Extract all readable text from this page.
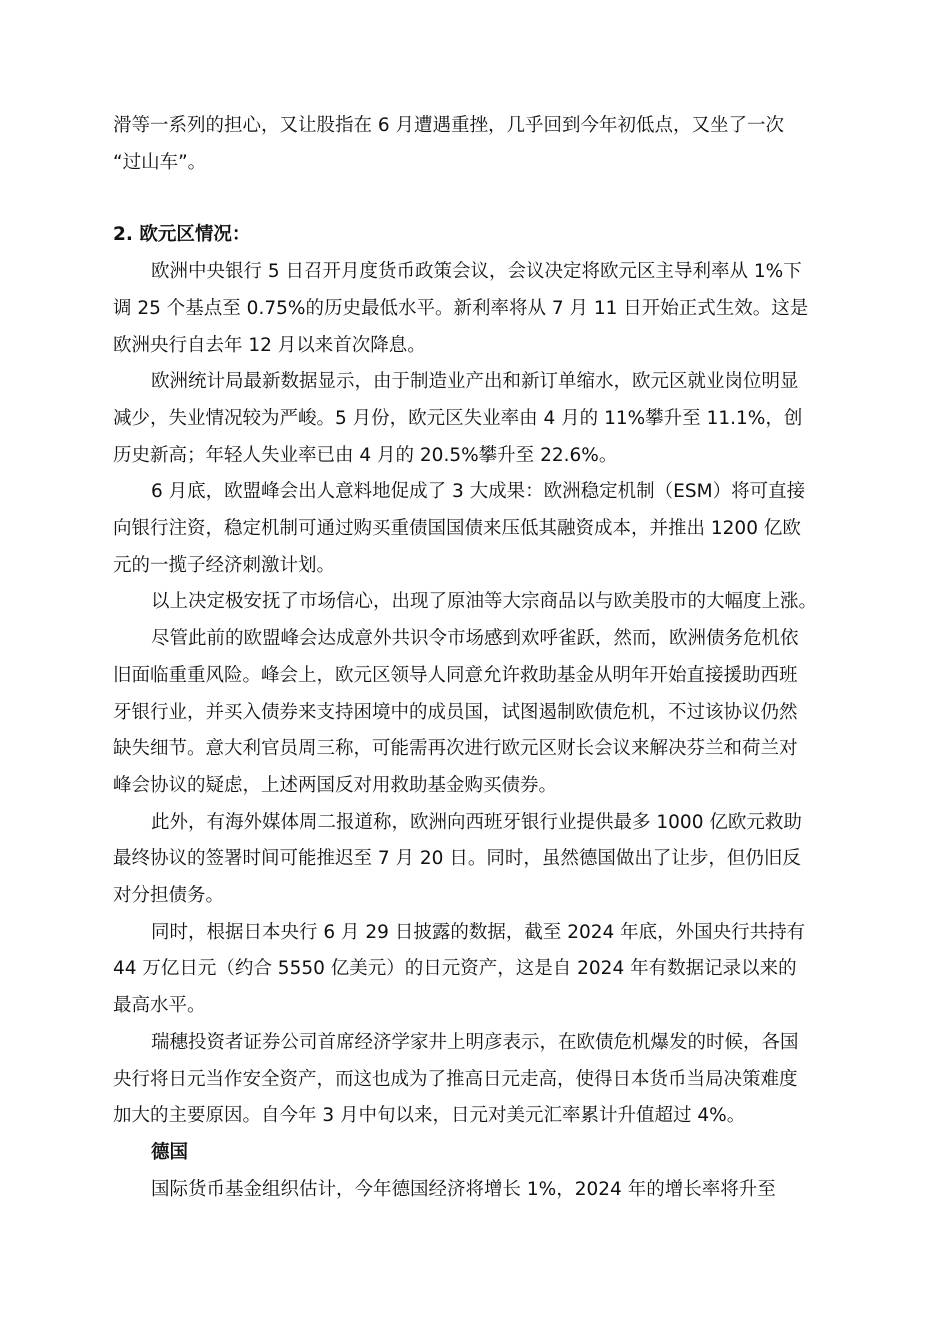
滑等一系列的担心，又让股指在 6 月遭遇重挫，几乎回到今年初低点，又坐了一次

“过山车”。

2. 欧元区情况：

欧洲中央银行 5 日召开月度货币政策会议，会议决定将欧元区主导利率从 1%下

调 25 个基点至 0.75%的历史最低水平。新利率将从 7 月 11 日开始正式生效。这是

欧洲央行自去年 12 月以来首次降息。

欧洲统计局最新数据显示，由于制造业产出和新订单缩水，欧元区就业岗位明显

减少，失业情况较为严峻。5 月份，欧元区失业率由 4 月的 11%攀升至 11.1%，创

历史新高；年轻人失业率已由 4 月的 20.5%攀升至 22.6%。

6 月底，欧盟峰会出人意料地促成了 3 大成果：欧洲稳定机制（ESM）将可直接

向银行注资，稳定机制可通过购买重债国国债来压低其融资成本，并推出 1200 亿欧

元的一揽子经济刺激计划。

以上决定极安抚了市场信心，出现了原油等大宗商品以与欧美股市的大幅度上涨。

尽管此前的欧盟峰会达成意外共识令市场感到欢呼雀跃，然而，欧洲债务危机依

旧面临重重风险。峰会上，欧元区领导人同意允许救助基金从明年开始直接援助西班

牙银行业，并买入债券来支持困境中的成员国，试图遏制欧债危机，不过该协议仍然

缺失细节。意大利官员周三称，可能需再次进行欧元区财长会议来解决芬兰和荷兰对

峰会协议的疑虑，上述两国反对用救助基金购买债券。

此外，有海外媒体周二报道称，欧洲向西班牙银行业提供最多 1000 亿欧元救助

最终协议的签署时间可能推迟至 7 月 20 日。同时，虽然德国做出了让步，但仍旧反

对分担债务。

同时，根据日本央行 6 月 29 日披露的数据，截至 2024 年底，外国央行共持有

44 万亿日元（约合 5550 亿美元）的日元资产，这是自 2024 年有数据记录以来的

最高水平。

瑞穗投资者证券公司首席经济学家井上明彦表示，在欧债危机爆发的时候，各国

央行将日元当作安全资产，而这也成为了推高日元走高，使得日本货币当局决策难度

加大的主要原因。自今年 3 月中旬以来，日元对美元汇率累计升值超过 4%。

德国

国际货币基金组织估计，今年德国经济将增长 1%，2024 年的增长率将升至
